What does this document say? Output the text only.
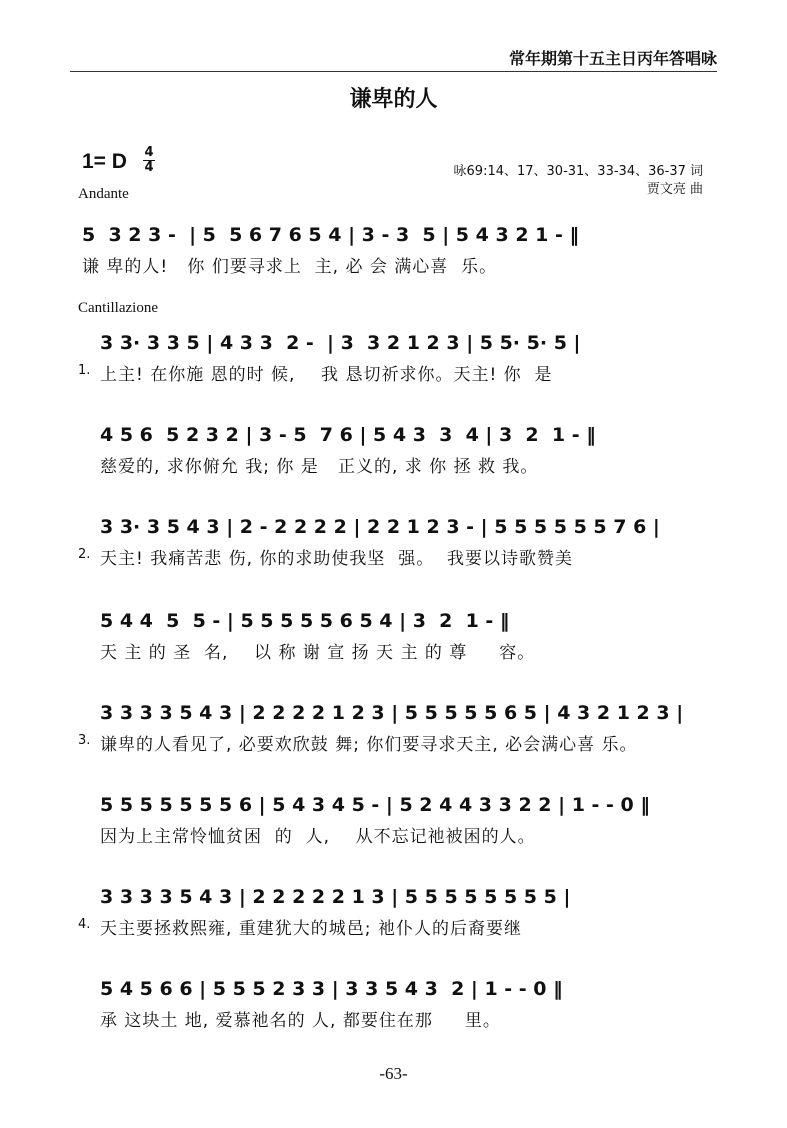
常年期第十五主日丙年答唱咏
谦卑的人
1= D 4
4
Andante
咏69:14、17、30-31、33-34、36-37 词
贾文亮 曲
Cantillazione
5  3 2 3 -  | 5  5 6 7 6 5 4 | 3 - 3  5 | 5 4 3 2 1 - ‖
谦 卑的人!   你 们要寻求上  主, 必 会 满心喜  乐。
3 3· 3 3 5 | 4 3 3  2 -  | 3  3 2 1 2 3 | 5 5· 5· 5 |
1. 上主! 在你施 恩的时 候,    我 恳切祈求你。天主! 你  是
4 5 6  5 2 3 2 | 3 - 5  7 6 | 5 4 3  3  4 | 3  2  1 - ‖
慈爱的, 求你俯允 我; 你 是   正义的, 求 你 拯 救 我。
3 3· 3 5 4 3 | 2 - 2 2 2 2 | 2 2 1 2 3 - | 5 5 5 5 5 5 7 6 |
2. 天主! 我痛苦悲 伤, 你的求助使我坚  强。  我要以诗歌赞美
5 4 4  5  5 - | 5 5 5 5 5 6 5 4 | 3  2  1 - ‖
天 主 的 圣  名,    以 称 谢 宣 扬 天 主 的 尊     容。
3 3 3 3 5 4 3 | 2 2 2 2 1 2 3 | 5 5 5 5 5 6 5 | 4 3 2 1 2 3 |
3. 谦卑的人看见了, 必要欢欣鼓 舞; 你们要寻求天主, 必会满心喜 乐。
5 5 5 5 5 5 5 6 | 5 4 3 4 5 - | 5 2 4 4 3 3 2 2 | 1 - - 0 ‖
因为上主常怜恤贫困  的  人,    从不忘记祂被困的人。
3 3 3 3 5 4 3 | 2 2 2 2 2 1 3 | 5 5 5 5 5 5 5 5 |
4. 天主要拯救熙雍, 重建犹大的城邑; 祂仆人的后裔要继
5 4 5 6 6 | 5 5 5 2 3 3 | 3 3 5 4 3  2 | 1 - - 0 ‖
承 这块土 地, 爱慕祂名的 人, 都要住在那     里。
-63-
